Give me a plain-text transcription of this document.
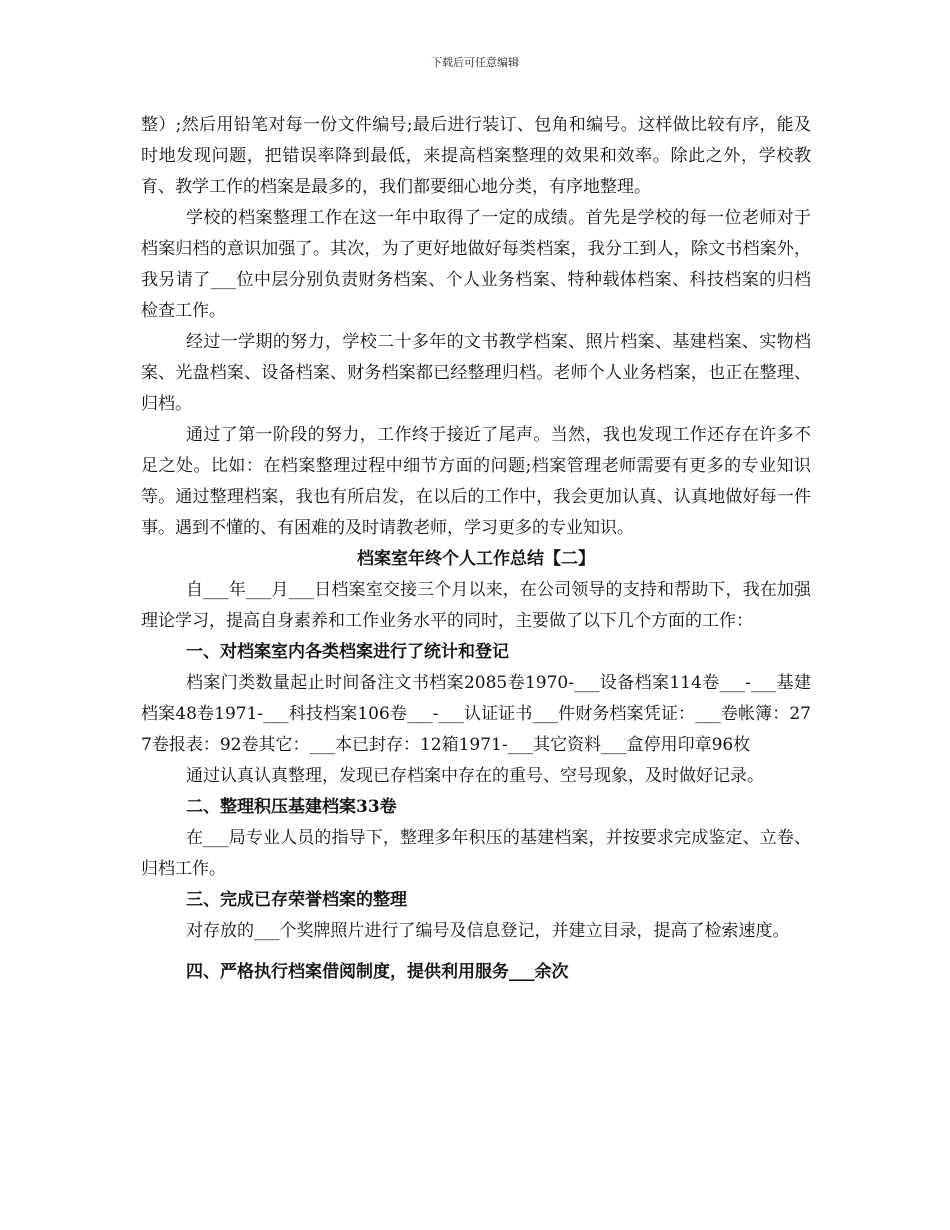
下载后可任意编辑

整）;然后用铅笔对每一份文件编号;最后进行装订、包角和编号。这样做比较有序，能及时地发现问题，把错误率降到最低，来提高档案整理的效果和效率。除此之外，学校教育、教学工作的档案是最多的，我们都要细心地分类，有序地整理。

学校的档案整理工作在这一年中取得了一定的成绩。首先是学校的每一位老师对于档案归档的意识加强了。其次，为了更好地做好每类档案，我分工到人，除文书档案外，我另请了___位中层分别负责财务档案、个人业务档案、特种载体档案、科技档案的归档检查工作。

经过一学期的努力，学校二十多年的文书教学档案、照片档案、基建档案、实物档案、光盘档案、设备档案、财务档案都已经整理归档。老师个人业务档案，也正在整理、归档。

通过了第一阶段的努力，工作终于接近了尾声。当然，我也发现工作还存在许多不足之处。比如：在档案整理过程中细节方面的问题;档案管理老师需要有更多的专业知识等。通过整理档案，我也有所启发，在以后的工作中，我会更加认真、认真地做好每一件事。遇到不懂的、有困难的及时请教老师，学习更多的专业知识。

档案室年终个人工作总结【二】

自___年___月___日档案室交接三个月以来，在公司领导的支持和帮助下，我在加强理论学习，提高自身素养和工作业务水平的同时，主要做了以下几个方面的工作：

一、对档案室内各类档案进行了统计和登记

档案门类数量起止时间备注文书档案2085卷1970-___设备档案114卷___-___基建档案48卷1971-___科技档案106卷___-___认证证书___件财务档案凭证：___卷帐簿：277卷报表：92卷其它：___本已封存：12箱1971-___其它资料___盒停用印章96枚

通过认真认真整理，发现已存档案中存在的重号、空号现象，及时做好记录。

二、整理积压基建档案33卷

在___局专业人员的指导下，整理多年积压的基建档案，并按要求完成鉴定、立卷、归档工作。

三、完成已存荣誉档案的整理

对存放的___个奖牌照片进行了编号及信息登记，并建立目录，提高了检索速度。

四、严格执行档案借阅制度，提供利用服务___余次
